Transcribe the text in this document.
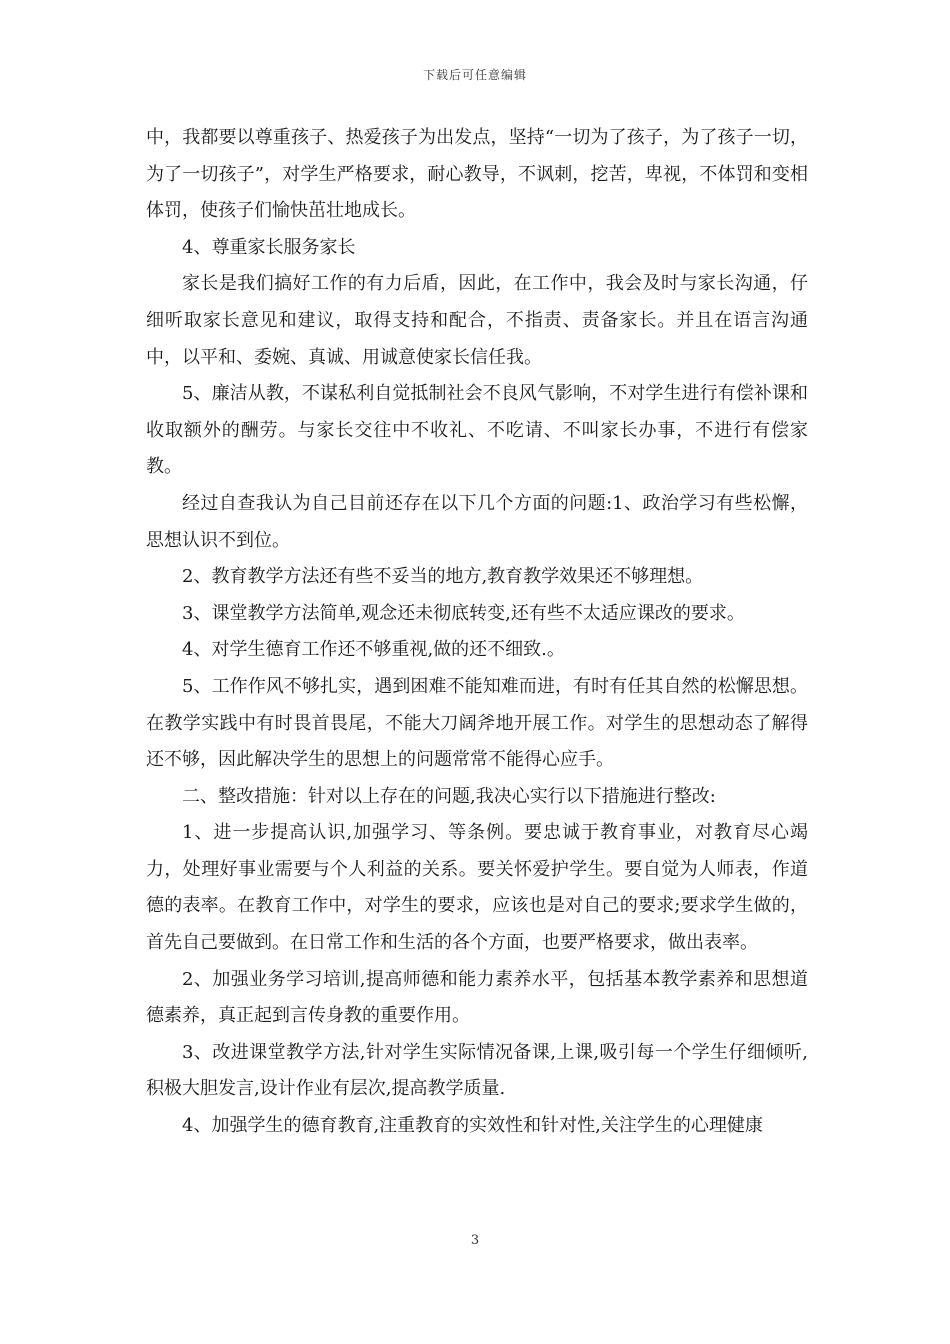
下载后可任意编辑

中，我都要以尊重孩子、热爱孩子为出发点，坚持“一切为了孩子，为了孩子一切，为了一切孩子”，对学生严格要求，耐心教导，不讽刺，挖苦，卑视，不体罚和变相体罚，使孩子们愉快茁壮地成长。

4、尊重家长服务家长

家长是我们搞好工作的有力后盾，因此，在工作中，我会及时与家长沟通，仔细听取家长意见和建议，取得支持和配合，不指责、责备家长。并且在语言沟通中，以平和、委婉、真诚、用诚意使家长信任我。

5、廉洁从教，不谋私利自觉抵制社会不良风气影响，不对学生进行有偿补课和收取额外的酬劳。与家长交往中不收礼、不吃请、不叫家长办事，不进行有偿家教。

经过自查我认为自己目前还存在以下几个方面的问题:1、政治学习有些松懈，思想认识不到位。

2、教育教学方法还有些不妥当的地方,教育教学效果还不够理想。

3、课堂教学方法简单,观念还未彻底转变,还有些不太适应课改的要求。

4、对学生德育工作还不够重视,做的还不细致.。

5、工作作风不够扎实，遇到困难不能知难而进，有时有任其自然的松懈思想。在教学实践中有时畏首畏尾，不能大刀阔斧地开展工作。对学生的思想动态了解得还不够，因此解决学生的思想上的问题常常不能得心应手。

二、整改措施：针对以上存在的问题,我决心实行以下措施进行整改:

1、进一步提高认识,加强学习、等条例。要忠诚于教育事业，对教育尽心竭力，处理好事业需要与个人利益的关系。要关怀爱护学生。要自觉为人师表，作道德的表率。在教育工作中，对学生的要求，应该也是对自己的要求;要求学生做的，首先自己要做到。在日常工作和生活的各个方面，也要严格要求，做出表率。

2、加强业务学习培训,提高师德和能力素养水平，包括基本教学素养和思想道德素养，真正起到言传身教的重要作用。

3、改进课堂教学方法,针对学生实际情况备课,上课,吸引每一个学生仔细倾听,积极大胆发言,设计作业有层次,提高教学质量.

4、加强学生的德育教育,注重教育的实效性和针对性,关注学生的心理健康

3
